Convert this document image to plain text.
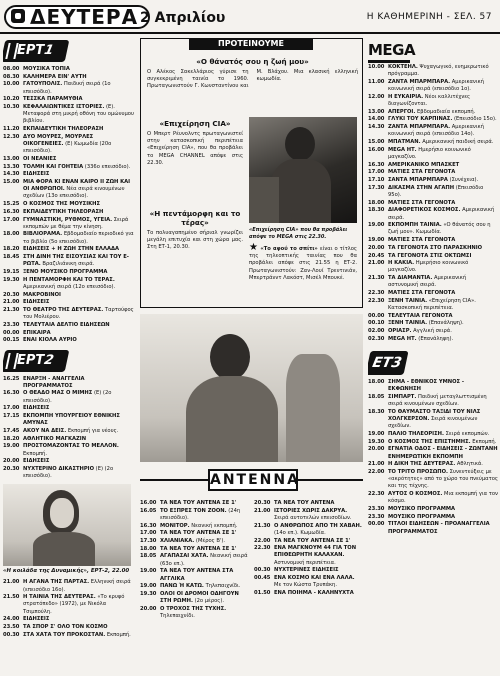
ΔΕΥΤΕΡΑ 2 Απριλίου	Η ΚΑΘΗΜΕΡΙΝΗ - ΣΕΛ. 57
ΕΡΤ1
08.00 ΜΟΥΣΙΚΑ ΤΟΠΙΑ
08.30 ΚΑΛΗΜΕΡΑ ΕΙΝ' ΑΥΤΗ
10.00 ΓΑΤΟΥΠΟΛΙΣ. Παιδική σειρά (1ο επεισόδιο).
10.20 ΤΕΣΣΚΑ ΠΑΡΑΜΥΘΙΑ
10.30 ΚΕΦΑΛΑΙΩΝΤΙΚΕΣ ΙΣΤΟΡΙΕΣ. (Ε). Μεταφορά στη μικρή οθόνη του ομώνυμου βιβλίου.
11.20 ΕΚΠΑΙΔΕΥΤΙΚΗ ΤΗΛΕΟΡΑΣΗ
12.30 ΔΥΟ ΜΟΥΡΕΣ, ΜΟΥΡΛΕΣ ΟΙΚΟΓΕΝΕΙΕΣ. (Ε) Κωμωδία (20ο επεισόδιο).
13.00 ΟΙ ΝΕΑΝΙΕΣ
13.30 ΤΟΛΜΗ ΚΑΙ ΓΟΗΤΕΙΑ (336ο επεισόδιο).
14.30 ΕΙΔΗΣΕΙΣ
15.00 ΜΙΑ ΦΟΡΑ ΚΙ ΕΝΑΝ ΚΑΙΡΟ ΙΙ ΖΩΗ ΚΑΙ ΟΙ ΑΝΘΡΩΠΟΙ. Νέα σειρά κινουμένων σχεδίων (13ο επεισόδιο).
15.25 Ο ΚΟΣΜΟΣ ΤΗΣ ΜΟΥΣΙΚΗΣ
16.30 ΕΚΠΑΙΔΕΥΤΙΚΗ ΤΗΛΕΟΡΑΣΗ
17.00 ΓΥΜΝΑΣΤΙΚΗ, ΡΥΘΜΟΣ, ΥΓΕΙΑ. Σειρά εκπομπών με θέμα την κίνηση.
18.00 ΒΙΒΛΙΟΡΑΜΑ. Εβδομαδιαίο περιοδικό για το βιβλίο (5ο επεισόδιο).
18.20 ΕΙΔΗΣΕΙΣ + Η ΖΩΗ ΣΤΗΝ ΕΛΛΑΔΑ
18.45 ΣΤΗ ΔΙΝΗ ΤΗΣ ΕΙΣΟΥΣΙΑΣ ΚΑΙ ΤΟΥ Ε-ΡΩΤΑ. Βραζιλιάνικη σειρά.
19.15 ΞΕΝΟ ΜΟΥΣΙΚΟ ΠΡΟΓΡΑΜΜΑ
19.30 Η ΠΕΝΤΑΜΟΡΦΗ ΚΑΙ ΤΟ ΤΕΡΑΣ. Αμερικανική σειρά (12ο επεισόδιο).
20.30 ΜΑΚΡΟΒΙΝΟΙ
21.00 ΕΙΔΗΣΕΙΣ
21.30 ΤΟ ΘΕΑΤΡΟ ΤΗΣ ΔΕΥΤΕΡΑΣ. Ταρτούφος του Μολιέρου.
23.30 ΤΕΛΕΥΤΑΙΑ ΔΕΛΤΙΟ ΕΙΔΗΣΕΩΝ
00.00 ΕΠΙΚΑΙΡΑ
00.15 ΕΝΑΙ ΚΙΟΛΑ ΑΥΡΙΟ
ΕΡΤ2
16.25 ΕΝΑΡΞΗ - ΑΝΑΓΓΕΛΙΑ ΠΡΟΓΡΑΜΜΑΤΟΣ
16.30 Ο ΘΕΑΔΟ ΜΑΣ Ο ΜΙΜΗΣ (Ε) (2ο επεισόδιο).
17.00 ΕΙΔΗΣΕΙΣ
17.15 ΕΚΠΟΜΠΗ ΥΠΟΥΡΓΕΙΟΥ ΕΘΝΙΚΗΣ ΑΜΥΝΑΣ
17.45 ΑΚΟΥ ΝΑ ΔΕΙΣ. Εκπομπή για νέους.
18.20 ΑΘΛΗΤΙΚΟ ΜΑΓΚΑΖΙΝ
19.00 ΠΡΟΣΤΟΜΑΖΟΝΤΑΣ ΤΟ ΜΕΛΛΟΝ. Εκπομπή.
20.00 ΕΙΔΗΣΕΙΣ
20.30 ΝΥΧΤΕΡΙΝΟ ΔΙΚΑΣΤΗΡΙΟ (Ε) (2ο επεισόδιο).
«Η κοιλάδα της Δυναμικής», ΕΡΤ-2, 22.00
21.00 Η ΑΓΑΝΑ ΤΗΣ ΠΑΡΤΑΣ. Ελληνική σειρά (επεισόδιο 16ο).
21.50 Η ΤΑΙΝΙΑ ΤΗΣ ΔΕΥΤΕΡΑΣ. «Το κρυφό στρατόπεδο» (1972), με Νικόλα Τσιμπούλη.
24.00 ΕΙΔΗΣΕΙΣ
23.50 ΤΑ ΣΠΟΡ Σ' ΟΛΟ ΤΟΝ ΚΟΣΜΟ
00.30 ΣΤΑ ΧΑΤΑ ΤΟΥ ΠΡΟΚΟΣΤΑΝ. Εκπομπή.
ΠΡΟΤΕΙΝΟΥΜΕ
«Ο θάνατός σου η ζωή μου»
Ο Αλέκος Σακελλάριος γύρισε τη συγκεκριμένη ταινία το 1960. Πρωταγωνιστούν Γ. Κωνσταντίνου και Μ. Βλάχου. Μια κλασική ελληνική κωμωδία.
«Επιχείρηση CIA»
Ο Μπερτ Ρέυνολντς πρωταγωνιστεί στην κατασκοπική περιπέτεια «Επιχείρηση CIA», που θα προβάλει το MEGA CHANNEL απόψε στις 22.30.
«Επιχείρηση CIA» που θα προβάλει απόψε το MEGA στις 22.30.
«Η πεντάμορφη και το τέρας»
Το πολυαγαπημένο σήριαλ γνωρίζει μεγάλη επιτυχία και στη χώρα μας. Στη ΕΤ-1, 20.30.	★ «Το αφού το σπίτι» είναι ο τίτλος της τηλεοπτικής ταινίας που θα προβάλει απόψε στις 21.55 η ΕΤ-2. Πρωταγωνιστούν: Ζαν-Λουί Τρεντινιάν, Μπερτράνντ Λακόστ, Μισέλ Μπουκέ.
ANTENNA
16.00 ΤΑ ΝΕΑ ΤΟΥ ΑΝΤΕΝΑ ΣΕ 1'
16.05 ΤΟ ΕΞΠΡΕΣ ΤΟΝ ΖΟΟΝ. (24η επεισόδιο).
16.30 ΜΟΝΙΤΟΡ. Νεανική εκπομπή.
17.00 ΤΑ ΝΕΑ ΤΟΥ ΑΝΤΕΝΑ ΣΕ 1'
17.30 ΧΛΙΑΝΙΑΚΑ. (Μέρος Β').
18.00 ΤΑ ΝΕΑ ΤΟΥ ΑΝΤΕΝΑ ΣΕ 1'
18.05 ΑΓΑΠΑΣΑΙ ΧΑΤΑ. Νεανική σειρά (63ο επ.).
19.00 ΤΑ ΝΕΑ ΤΟΥ ΑΝΤΕΝΑ ΣΤΑ ΑΓΓΛΙΚΑ
19.00 ΠΑΝΩ Ή ΚΑΤΩ. Τηλεπαιχνίδι.
19.30 ΟΛΟΙ ΟΙ ΔΡΟΜΟΙ ΟΔΗΓΟΥΝ ΣΤΗ ΡΩΜΗ. (2ο μέρος).
20.00 Ο ΤΡΟΧΟΣ ΤΗΣ ΤΥΧΗΣ. Τηλεπαιχνίδι.
20.30 ΤΑ ΝΕΑ ΤΟΥ ΑΝΤΕΝΑ
21.00 ΙΣΤΟΡΙΕΣ ΧΩΡΙΣ ΔΑΚΡΥΑ. Σειρά αυτοτελών επεισοδίων.
21.30 Ο ΑΝΘΡΩΠΟΣ ΑΠΟ ΤΗ ΧΑΒΑΗ. (14ο επ.). Κωμωδία.
22.00 ΤΑ ΝΕΑ ΤΟΥ ΑΝΤΕΝΑ ΣΕ 1'
22.30 ΕΝΑ ΜΑΓΚΝΟΥΜ 44 ΓΙΑ ΤΟΝ ΕΠΙΘΕΩΡΗΤΗ ΚΑΛΑΧΑΝ. Αστυνομική περιπέτεια.
00.30 ΝΥΧΤΕΡΙΝΕΣ ΕΙΔΗΣΕΙΣ
00.45 ΕΝΑ ΚΟΣΜΟ ΚΑΙ ΕΝΑ ΛΑΛΑ. Με τον Κώστα Τρυπάκη.
01.50 ΕΝΑ ΠΟΙΗΜΑ - ΚΑΛΗΝΥΧΤΑ
MEGA
10.00 ΚΟΚΤΕΗΛ. Ψυχαγωγικό, ενημερωτικό πρόγραμμα.
11.00 ΖΑΝΤΑ ΜΠΑΡΜΠΑΡΑ. Αμερικανική κοινωνική σειρά (επεισόδιο 1ο).
12.00 Η ΕΥΚΑΙΡΙΑ. Νέοι καλλιτέχνες διαγωνίζονται.
13.00 ΑΠΕΡΓΟΙ. Εβδομαδιαία εκπομπή.
14.00 ΓΛΥΚΙ ΤΟΥ ΚΑΡΠΙΝΑΣ. (Επεισόδιο 15ο).
14.30 ΖΑΝΤΑ ΜΠΑΡΜΠΑΡΑ. Αμερικανική κοινωνική σειρά (επεισόδιο 14ο).
15.00 ΜΠΑΤΜΑΝ. Αμερικανική παιδική σειρά.
16.00 MEGA ΗΤ. Ημερήσιο κοινωνικό μαγκαζίνο.
16.30 ΑΜΕΡΙΚΑΝΙΚΟ ΜΠΑΣΚΕΤ
17.00 ΜΑΤΙΕΣ ΣΤΑ ΓΕΓΟΝΟΤΑ
17.10 ΣΑΝΤΑ ΜΠΑΡΜΠΑΡΑ (Συνέχεια).
17.30 ΔΙΚΑΣΜΑ ΣΤΗΝ ΑΓΑΠΗ (Επεισόδιο 95ο).
18.00 ΜΑΤΙΕΣ ΣΤΑ ΓΕΓΟΝΟΤΑ
18.30 ΔΙΑΦΟΡΕΤΙΚΟΣ ΚΟΣΜΟΣ. Αμερικανική σειρά.
19.00 ΕΚΠΟΜΠΗ ΤΑΙΝΙΑ. «Ο θάνατός σου η ζωή μου». Κωμωδία.
19.00 ΜΑΤΙΕΣ ΣΤΑ ΓΕΓΟΝΟΤΑ
20.00 ΤΑ ΓΕΓΟΝΟΤΑ ΣΤΟ ΠΑΡΑΣΚΗΝΙΟ
20.45 ΤΑ ΓΕΓΟΝΟΤΑ ΣΤΙΣ ΟΚΤΩΜΣΙ
21.00 Η ΚΑΚΙΑ. Ημερήσιο κοινωνικό μαγκαζίνο.
21.30 ΤΑ ΔΙΑΜΑΝΤΙΑ. Αμερικανική αστυνομική σειρά.
22.30 ΜΑΤΙΕΣ ΣΤΑ ΓΕΓΟΝΟΤΑ
22.30 ΞΕΝΗ ΤΑΙΝΙΑ. «Επιχείρηση CIA». Κατασκοπική περιπέτεια.
00.00 ΤΕΛΕΥΤΑΙΑ ΓΕΓΟΝΟΤΑ
00.10 ΞΕΝΗ ΤΑΙΝΙΑ. (Επανάληψη).
02.00 ΟΡΙΑΣΡ. Αγγλική σειρά.
02.30 MEGA ΗΤ. (Επανάληψη).
ΕΤ3
18.00 ΣΗΜΑ - ΕΘΝΙΚΟΣ ΥΜΝΟΣ - ΕΚΦΩΝΗΣΗ
18.05 ΣΙΜΠΑΡΤ. Παιδική μεταγλωττισμένη σειρά κινουμένων σχεδίων.
18.30 ΤΟ ΘΑΥΜΑΣΤΟ ΤΑΞΙΔΙ ΤΟΥ ΝΙΛΣ ΧΟΛΓΚΕΡΣΟΝ. Σειρά κινουμένων σχεδίων.
19.00 ΠΑΛΙΟ ΤΗΛΕΟΡΙΣΗ. Σειρά εκπομπών.
19.30 Ο ΚΟΣΜΟΣ ΤΗΣ ΕΠΙΣΤΗΜΗΣ. Εκπομπή.
20.00 ΕΓΝΑΤΙΑ ΟΔΟΣ - ΕΙΔΗΣΕΙΣ - ΖΩΝΤΑΝΗ ΕΝΗΜΕΡΩΤΙΚΗ ΕΚΠΟΜΠΗ
21.00 Η ΔΙΚΗ ΤΗΣ ΔΕΥΤΕΡΑΣ. Αθλητικά.
22.00 ΤΟ ΤΡΙΤΟ ΠΡΟΣΩΠΟ. Συνεντεύξεις με «ακρότητες» από το χώρο του πνεύματος και της τέχνης.
22.30 ΑΥΤΟΣ Ο ΚΟΣΜΟΣ. Μια εκπομπή για τον κόσμο.
23.30 ΜΟΥΣΙΚΟ ΠΡΟΓΡΑΜΜΑ
23.30 ΜΟΥΣΙΚΟ ΠΡΟΓΡΑΜΜΑ
00.00 ΤΙΤΛΟΙ ΕΙΔΗΣΕΩΝ - ΠΡΟΑΝΑΓΓΕΛΙΑ ΠΡΟΓΡΑΜΜΑΤΟΣ
